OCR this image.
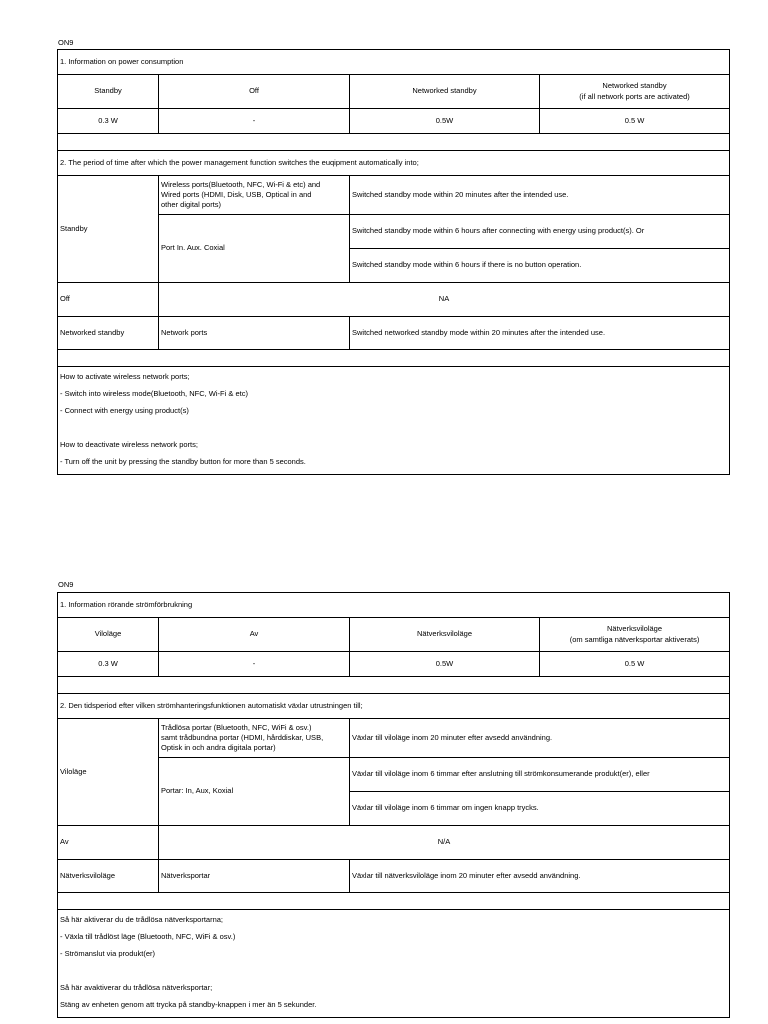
ON9
1. Information on power consumption			
Standby	Off	Networked standby	Networked standby
(if all network ports are activated)

0.3 W	-	0.5W	0.5 W

2. The period of time after which the power management function switches the euqipment automatically into;			
Standby	Wireless ports(Bluetooth, NFC, Wi-Fi & etc) and
Wired ports (HDMI, Disk, USB, Optical in and
other digital ports)	Switched standby mode within 20 minutes after the intended use.	
	Port In. Aux. Coxial	Switched standby mode within 6 hours after connecting with energy using product(s). Or	
		Switched standby mode within 6 hours if there is no button operation.	
Off	NA		
Networked standby	Network ports	Switched networked standby mode within 20 minutes after the intended use.	

How to activate wireless network ports;
- Switch into wireless mode(Bluetooth, NFC, Wi-Fi & etc)
- Connect with energy using product(s)
How to deactivate wireless network ports;
- Turn off the unit by pressing the standby button for more than 5 seconds.			
ON9
1. Information rörande strömförbrukning			
Viloläge	Av	Nätverksviloläge	Nätverksviloläge
(om samtliga nätverksportar aktiverats)

0.3 W	-	0.5W	0.5 W

2. Den tidsperiod efter vilken strömhanteringsfunktionen automatiskt växlar utrustningen till;			
Viloläge	Trådlösa portar (Bluetooth, NFC, WiFi & osv.)
samt trådbundna portar (HDMI, hårddiskar, USB,
Optisk in och andra digitala portar)	Växlar till viloläge inom 20 minuter efter avsedd användning.	
	Portar: In, Aux, Koxial	Växlar till viloläge inom 6 timmar efter anslutning till strömkonsumerande produkt(er), eller	
		Växlar till viloläge inom 6 timmar om ingen knapp trycks.	
Av	N/A		
Nätverksviloläge	Nätverksportar	Växlar till nätverksviloläge inom 20 minuter efter avsedd användning.	

Så här aktiverar du de trådlösa nätverksportarna;
- Växla till trådlöst läge (Bluetooth, NFC, WiFi & osv.)
- Strömanslut via produkt(er)
Så här avaktiverar du trådlösa nätverksportar;
Stäng av enheten genom att trycka på standby-knappen i mer än 5 sekunder.			
